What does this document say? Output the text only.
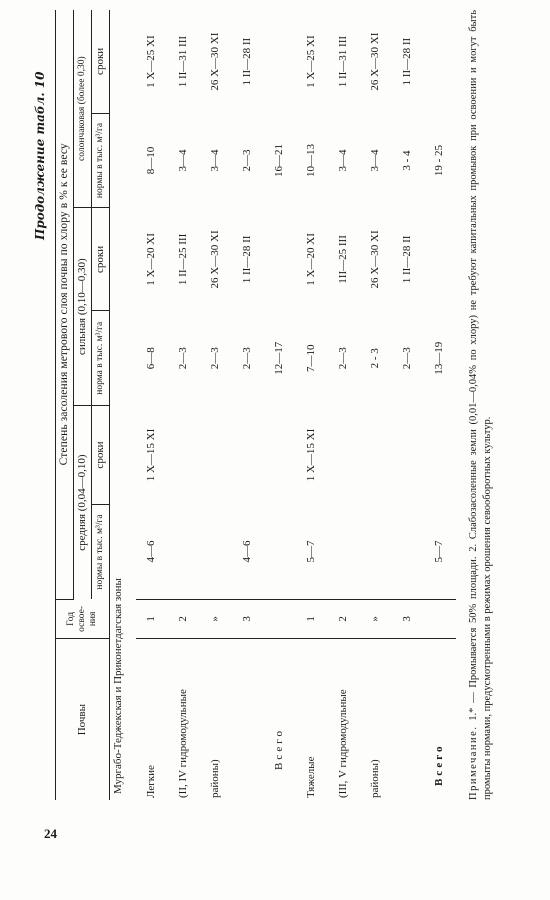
24
Продолжение табл. 10
Почвы	Год освое-ния	Степень засоления метрового слоя почвы по хлору в % к ее весу					
		средняя (0,04—0,10)		сильная (0,10—0,30)		солончаковая (более 0,30)	
		нормы в тыс. м³/га	сроки	норма в тыс. м³/га	сроки	нормы в тыс. м³/га	сроки
Мургабо-Теджекская и Приконетдагская зоны							
Легкие	1	4—6	1 X—15 XI	6—8	1 X—20 XI	8—10	1 X—25 XI
(II, IV гидромодульные	2			2—3	1 II—25 III	3—4	1 II—31 III
районы)	»			2—3	26 X—30 XI	3—4	26 X—30 XI
	3	4—6		2—3	1 II—28 II	2—3	1 II—28 II
Всего				12—17		16—21	
Тяжелые	1	5—7	1 X—15 XI	7—10	1 X—20 XI	10—13	1 X—25 XI
(III, V гидромодульные	2			2—3	1II—25 III	3—4	1 II—31 III
районы)	»			2 - 3	26 X—30 XI	3—4	26 X—30 XI
	3			2—3	1 II—28 II	3 - 4	1 II—28 II
Всего		5—7		13—19		19 - 25	
Примечание. 1.* — Промывается 50% площади. 2. Слабозасоленные земли (0,01—0,04% по хлору) не требуют капитальных промывок при освоении и могут быть промыты нормами, предусмотренными в режимах орошения севооборотных культур.
